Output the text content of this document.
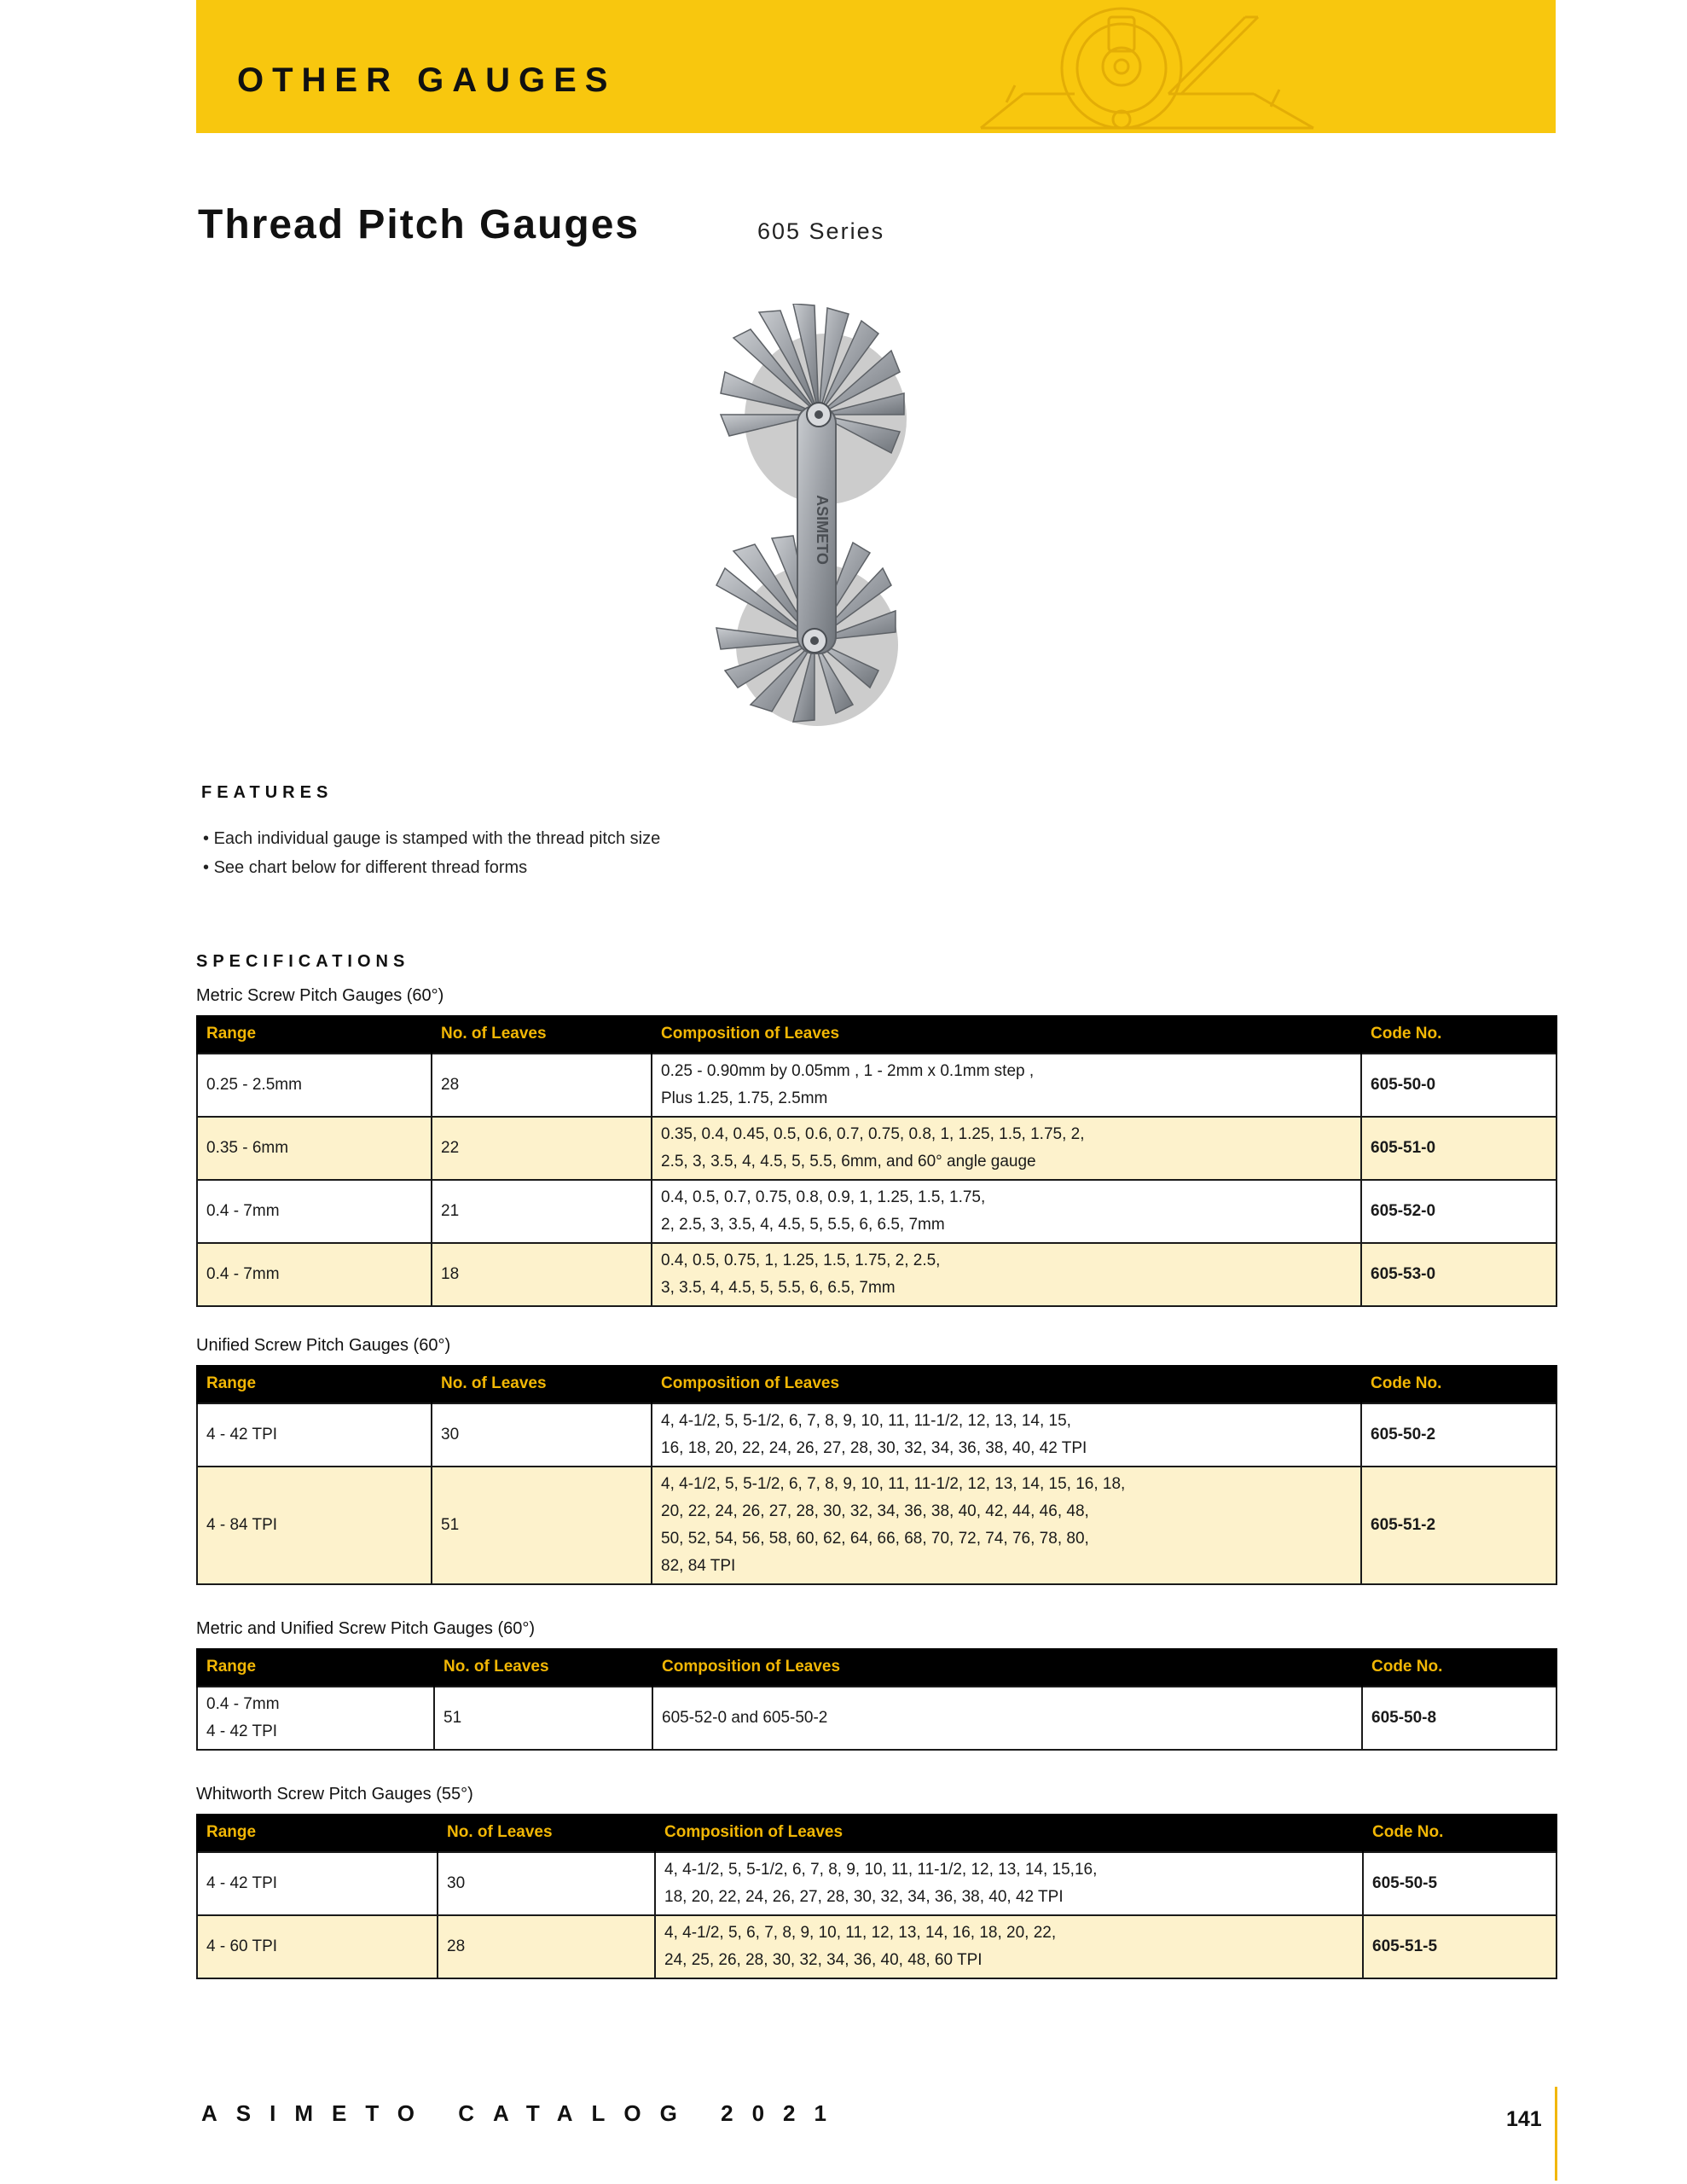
OTHER GAUGES
Thread Pitch Gauges	605 Series
ASIMETO
FEATURES
• Each individual gauge is stamped with the thread pitch size
• See chart below for different thread forms
SPECIFICATIONS
Metric Screw Pitch Gauges (60°)
Range	No. of Leaves	Composition of Leaves	Code No.

0.25 - 2.5mm	28	0.25 - 0.90mm by 0.05mm , 1 - 2mm x 0.1mm step ,
Plus 1.25, 1.75, 2.5mm	605-50-0

0.35 - 6mm	22	0.35, 0.4, 0.45, 0.5, 0.6, 0.7, 0.75, 0.8, 1, 1.25, 1.5, 1.75, 2,
2.5, 3, 3.5, 4, 4.5, 5, 5.5, 6mm, and 60° angle gauge	605-51-0

0.4 - 7mm	21	0.4, 0.5, 0.7, 0.75, 0.8, 0.9, 1, 1.25, 1.5, 1.75,
2, 2.5, 3, 3.5, 4, 4.5, 5, 5.5, 6, 6.5, 7mm	605-52-0

0.4 - 7mm	18	0.4, 0.5, 0.75, 1, 1.25, 1.5, 1.75, 2, 2.5,
3, 3.5, 4, 4.5, 5, 5.5, 6, 6.5, 7mm	605-53-0
Unified Screw Pitch Gauges (60°)
Range	No. of Leaves	Composition of Leaves	Code No.

4 - 42 TPI	30	4, 4-1/2, 5, 5-1/2, 6, 7, 8, 9, 10, 11, 11-1/2, 12, 13, 14, 15,
16, 18, 20, 22, 24, 26, 27, 28, 30, 32, 34, 36, 38, 40, 42 TPI	605-50-2

4 - 84 TPI	51	4, 4-1/2, 5, 5-1/2, 6, 7, 8, 9, 10, 11, 11-1/2, 12, 13, 14, 15, 16, 18,
20, 22, 24, 26, 27, 28, 30, 32, 34, 36, 38, 40, 42, 44, 46, 48,
50, 52, 54, 56, 58, 60, 62, 64, 66, 68, 70, 72, 74, 76, 78, 80,
82, 84 TPI	605-51-2
Metric and Unified Screw Pitch Gauges (60°)
Range	No. of Leaves	Composition of Leaves	Code No.

0.4 - 7mm
4 - 42 TPI	51	605-52-0 and 605-50-2	605-50-8
Whitworth Screw Pitch Gauges (55°)
Range	No. of Leaves	Composition of Leaves	Code No.

4 - 42 TPI	30	4, 4-1/2, 5, 5-1/2, 6, 7, 8, 9, 10, 11, 11-1/2, 12, 13, 14, 15,16,
18, 20, 22, 24, 26, 27, 28, 30, 32, 34, 36, 38, 40, 42 TPI	605-50-5

4 - 60 TPI	28	4, 4-1/2, 5, 6, 7, 8, 9, 10, 11, 12, 13, 14, 16, 18, 20, 22,
24, 25, 26, 28, 30, 32, 34, 36, 40, 48, 60 TPI	605-51-5
ASIMETO CATALOG 2021	141
